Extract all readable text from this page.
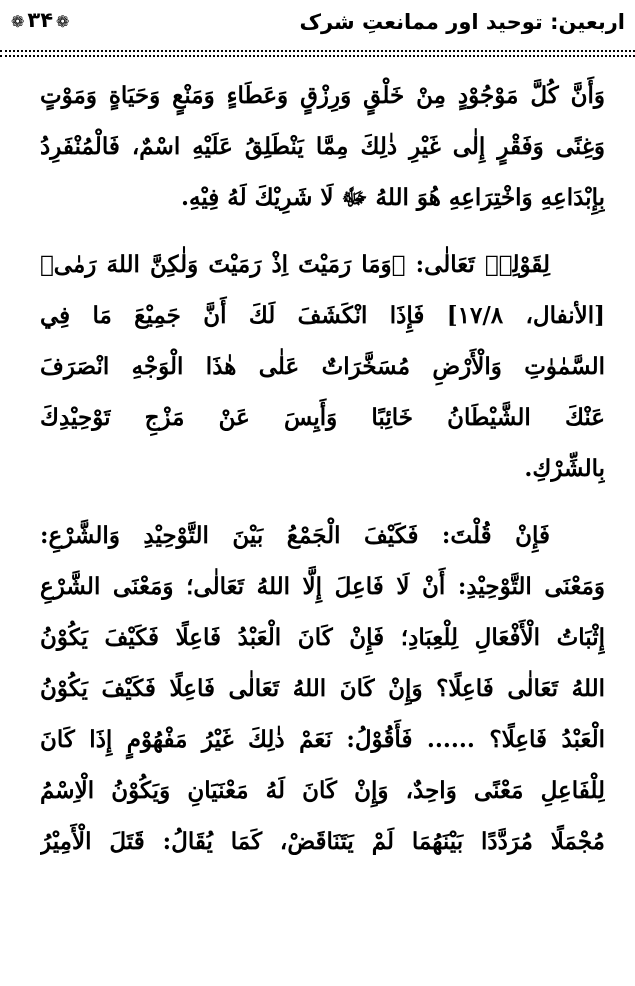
اربعین: توحید اور ممانعتِ شرک
❁۳۴❁
وَأَنَّ كُلَّ مَوْجُوْدٍ مِنْ خَلْقٍ وَرِزْقٍ وَعَطَاءٍ وَمَنْعٍ وَحَيَاةٍ وَمَوْتٍ
وَغِنًى وَفَقْرٍ إِلٰى غَيْرِ ذٰلِكَ مِمَّا يَنْطَلِقُ عَلَيْهِ اسْمٌ، فَالْمُنْفَرِدُ
بِإِبْدَاعِهِ وَاخْتِرَاعِهِ هُوَ اللهُ ﷻ لَا شَرِيْكَ لَهُ فِيْهِ.
لِقَوْلِهٖ تَعَالٰى: ﴿وَمَا رَمَيْتَ اِذْ رَمَيْتَ وَلٰكِنَّ اللهَ رَمٰى﴾
[الأنفال، ١٧/٨] فَإِذَا انْكَشَفَ لَكَ أَنَّ جَمِيْعَ مَا فِي
السَّمٰوٰتِ وَالْأَرْضِ مُسَخَّرَاتٌ عَلٰى هٰذَا الْوَجْهِ انْصَرَفَ
عَنْكَ الشَّيْطَانُ خَائِبًا وَأَيِسَ عَنْ مَزْجِ تَوْحِيْدِكَ
بِالشِّرْكِ.
فَإِنْ قُلْتَ: فَكَيْفَ الْجَمْعُ بَيْنَ التَّوْحِيْدِ وَالشَّرْعِ:
وَمَعْنَى التَّوْحِيْدِ: أَنْ لَا فَاعِلَ إِلَّا اللهُ تَعَالٰى؛ وَمَعْنَى الشَّرْعِ
إِثْبَاتُ الْأَفْعَالِ لِلْعِبَادِ؛ فَإِنْ كَانَ الْعَبْدُ فَاعِلًا فَكَيْفَ يَكُوْنُ
اللهُ تَعَالٰى فَاعِلًا؟ وَإِنْ كَانَ اللهُ تَعَالٰى فَاعِلًا فَكَيْفَ يَكُوْنُ
الْعَبْدُ فَاعِلًا؟ ...... فَأَقُوْلُ: نَعَمْ ذٰلِكَ غَيْرُ مَفْهُوْمٍ إِذَا كَانَ
لِلْفَاعِلِ مَعْنًى وَاحِدٌ، وَإِنْ كَانَ لَهُ مَعْنَيَانِ وَيَكُوْنُ الْاِسْمُ
مُجْمَلًا مُرَدَّدًا بَيْنَهُمَا لَمْ يَتَنَاقَضْ، كَمَا يُقَالُ: قَتَلَ الْأَمِيْرُ
